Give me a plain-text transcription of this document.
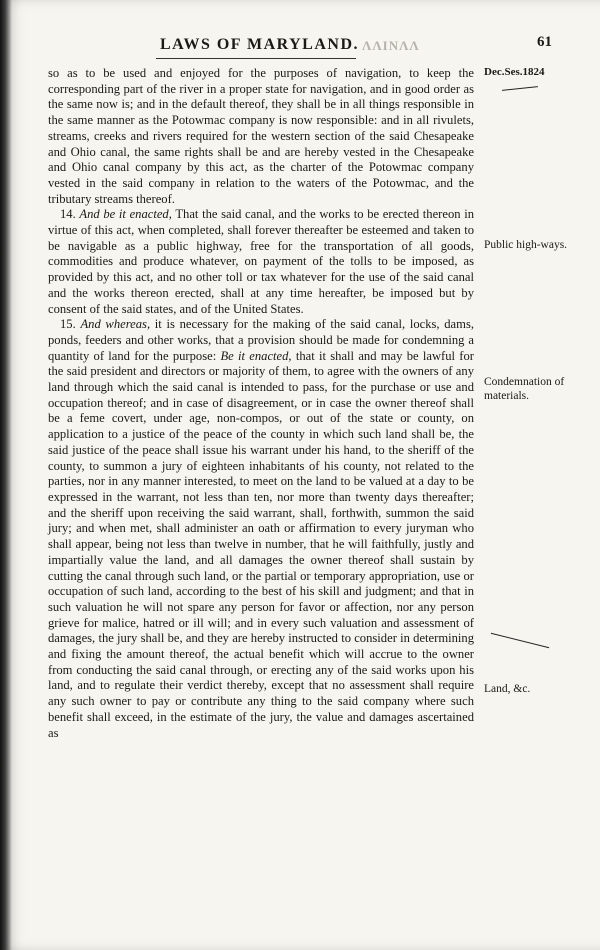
LAWS OF MARYLAND. ΛΛΙΝΛΛ	61
Dec.Ses.1824
Public high-ways.
Condemnation of materials.
Land, &c.

so as to be used and enjoyed for the purposes of navigation, to keep the corresponding part of the river in a proper state for navigation, and in good order as the same now is; and in the default thereof, they shall be in all things responsible in the same manner as the Potowmac company is now responsible: and in all rivulets, streams, creeks and rivers required for the western section of the said Chesapeake and Ohio canal, the same rights shall be and are hereby vested in the Chesapeake and Ohio canal company by this act, as the charter of the Potowmac company vested in the said company in relation to the waters of the Potowmac, and the tributary streams thereof.

14. And be it enacted, That the said canal, and the works to be erected thereon in virtue of this act, when completed, shall forever thereafter be esteemed and taken to be navigable as a public highway, free for the transportation of all goods, commodities and produce whatever, on payment of the tolls to be imposed, as provided by this act, and no other toll or tax whatever for the use of the said canal and the works thereon erected, shall at any time hereafter, be imposed but by consent of the said states, and of the United States.

15. And whereas, it is necessary for the making of the said canal, locks, dams, ponds, feeders and other works, that a provision should be made for condemning a quantity of land for the purpose: Be it enacted, that it shall and may be lawful for the said president and directors or majority of them, to agree with the owners of any land through which the said canal is intended to pass, for the purchase or use and occupation thereof; and in case of disagreement, or in case the owner thereof shall be a feme covert, under age, non-compos, or out of the state or county, on application to a justice of the peace of the county in which such land shall be, the said justice of the peace shall issue his warrant under his hand, to the sheriff of the county, to summon a jury of eighteen inhabitants of his county, not related to the parties, nor in any manner interested, to meet on the land to be valued at a day to be expressed in the warrant, not less than ten, nor more than twenty days thereafter; and the sheriff upon receiving the said warrant, shall, forthwith, summon the said jury; and when met, shall administer an oath or affirmation to every juryman who shall appear, being not less than twelve in number, that he will faithfully, justly and impartially value the land, and all damages the owner thereof shall sustain by cutting the canal through such land, or the partial or temporary appropriation, use or occupation of such land, according to the best of his skill and judgment; and that in such valuation he will not spare any person for favor or affection, nor any person grieve for malice, hatred or ill will; and in every such valuation and assessment of damages, the jury shall be, and they are hereby instructed to consider in determining and fixing the amount thereof, the actual benefit which will accrue to the owner from conducting the said canal through, or erecting any of the said works upon his land, and to regulate their verdict thereby, except that no assessment shall require any such owner to pay or contribute any thing to the said company where such benefit shall exceed, in the estimate of the jury, the value and damages ascertained as
